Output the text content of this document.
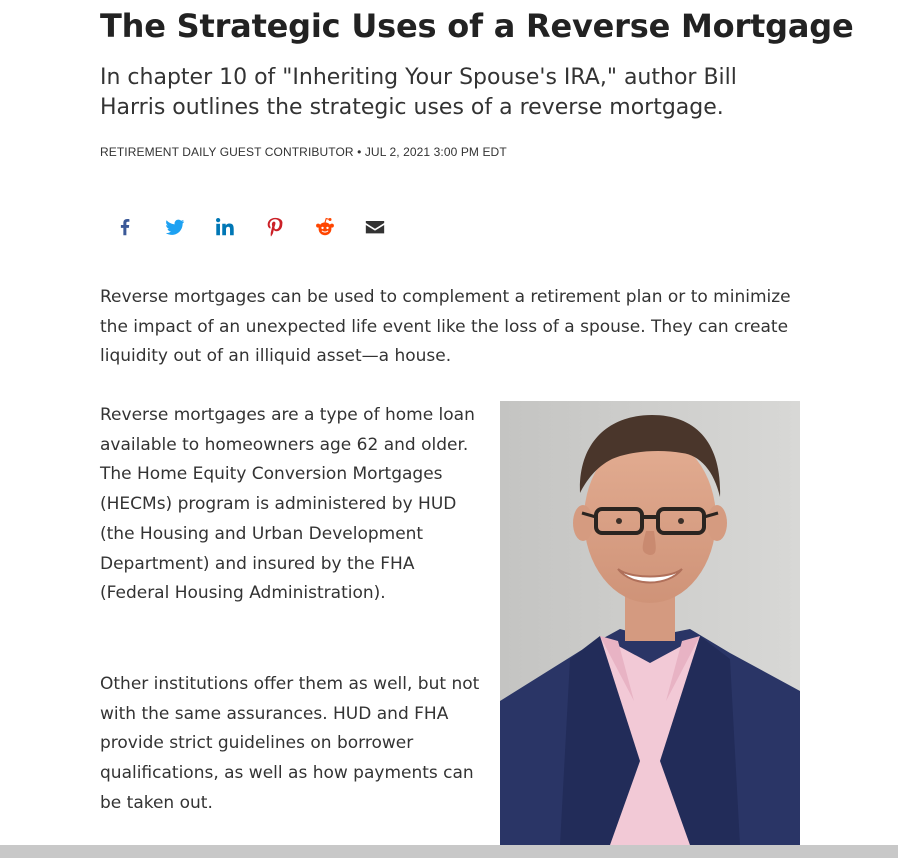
The Strategic Uses of a Reverse Mortgage

In chapter 10 of "Inheriting Your Spouse's IRA," author Bill Harris outlines the strategic uses of a reverse mortgage.

RETIREMENT DAILY GUEST CONTRIBUTOR • JUL 2, 2021 3:00 PM EDT

Reverse mortgages can be used to complement a retirement plan or to minimize the impact of an unexpected life event like the loss of a spouse. They can create liquidity out of an illiquid asset—a house.

Reverse mortgages are a type of home loan available to homeowners age 62 and older. The Home Equity Conversion Mortgages (HECMs) program is administered by HUD (the Housing and Urban Development Department) and insured by the FHA (Federal Housing Administration).

Other institutions offer them as well, but not with the same assurances. HUD and FHA provide strict guidelines on borrower qualifications, as well as how payments can be taken out.
